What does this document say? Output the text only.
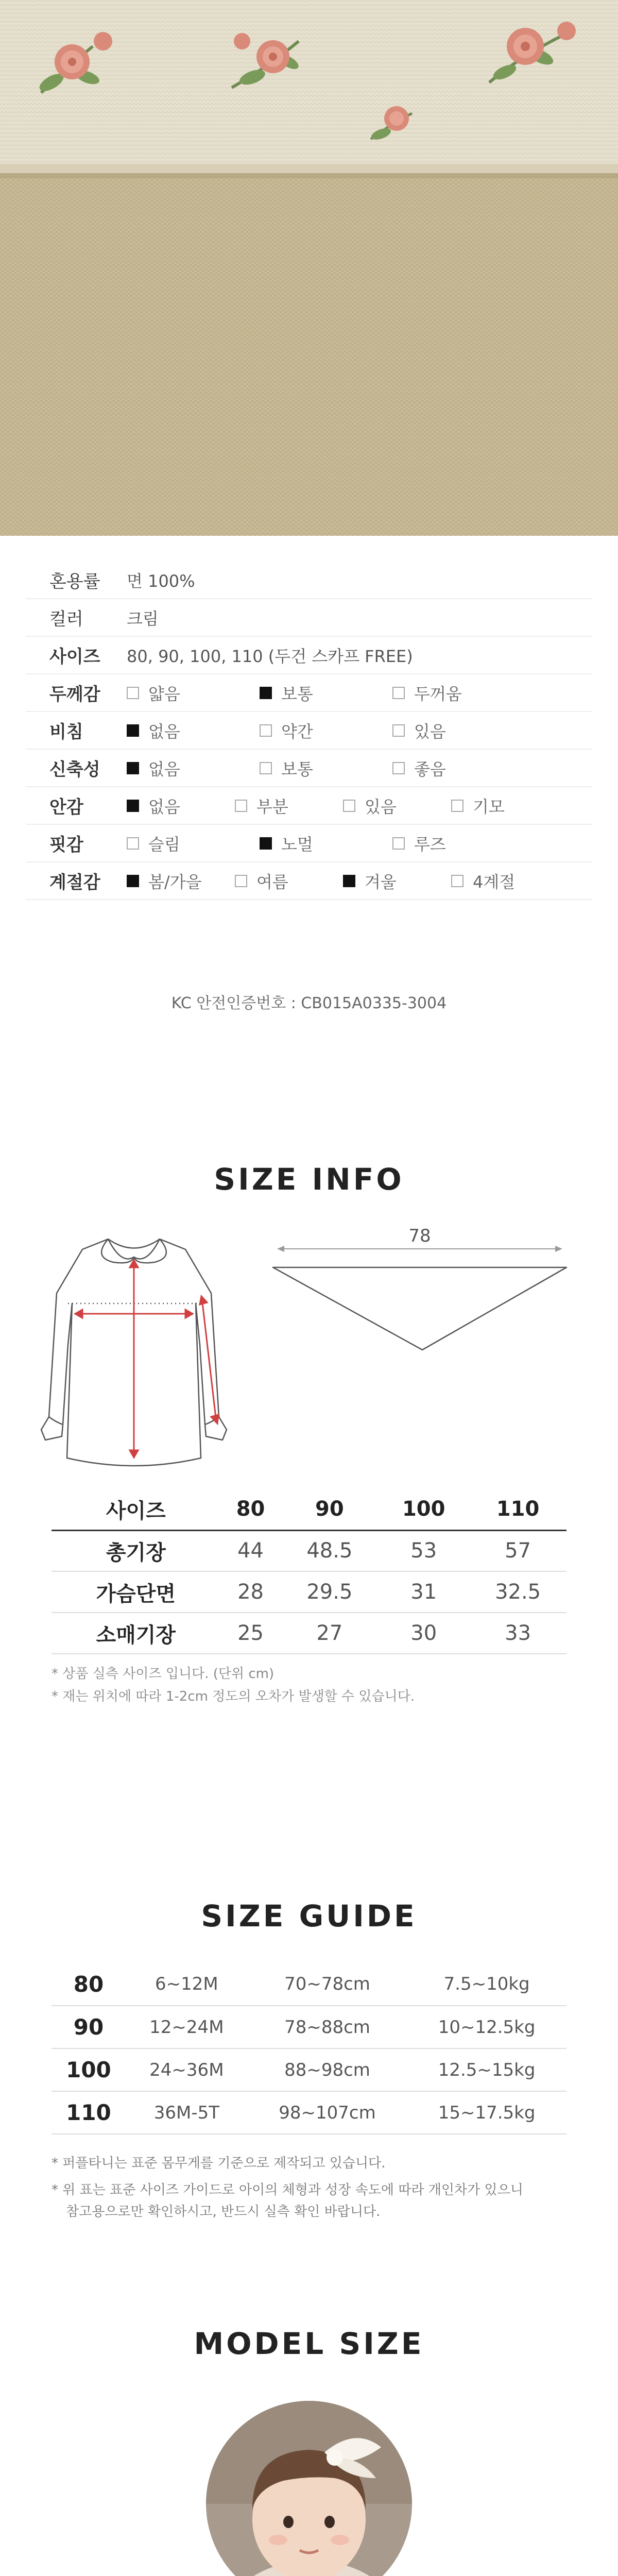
혼용률	면 100%
컬러	크림
사이즈	80, 90, 100, 110 (두건 스카프 FREE)
두께감	얇음	보통	두꺼움
비침	없음	약간	있음
신축성	없음	보통	좋음
안감	없음	부분	있음	기모
핏감	슬림	노멀	루즈
계절감	봄/가을	여름	겨울	4계절
KC 안전인증번호 : CB015A0335-3004
SIZE INFO
78
사이즈	80	90	100	110
총기장	44	48.5	53	57
가슴단면	28	29.5	31	32.5
소매기장	25	27	30	33
* 상품 실측 사이즈 입니다. (단위 cm)
* 재는 위치에 따라 1-2cm 정도의 오차가 발생할 수 있습니다.
SIZE GUIDE
80	6~12M	70~78cm	7.5~10kg
90	12~24M	78~88cm	10~12.5kg
100	24~36M	88~98cm	12.5~15kg
110	36M-5T	98~107cm	15~17.5kg
* 퍼플타니는 표준 몸무게를 기준으로 제작되고 있습니다.
* 위 표는 표준 사이즈 가이드로 아이의 체형과 성장 속도에 따라 개인차가 있으니
참고용으로만 확인하시고, 반드시 실측 확인 바랍니다.
MODEL SIZE
